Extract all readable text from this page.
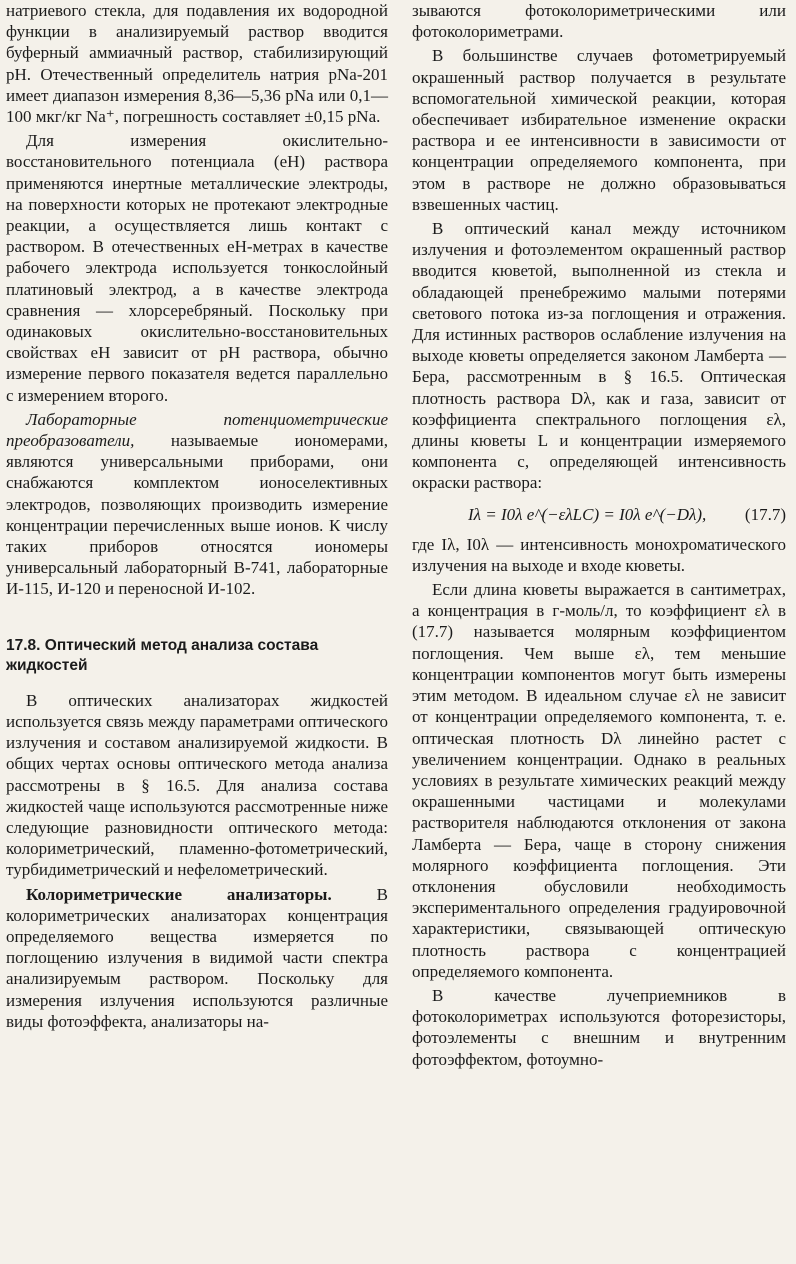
натриевого стекла, для подавления их водородной функции в анализируемый раствор вводится буферный аммиачный раствор, стабилизирующий pH. Отечественный определитель натрия pNa-201 имеет диапазон измерения 8,36—5,36 pNa или 0,1—100 мкг/кг Na⁺, погрешность составляет ±0,15 pNa.

Для измерения окислительно-восстановительного потенциала (eH) раствора применяются инертные металлические электроды, на поверхности которых не протекают электродные реакции, а осуществляется лишь контакт с раствором. В отечественных eH-метрах в качестве рабочего электрода используется тонкослойный платиновый электрод, а в качестве электрода сравнения — хлорсеребряный. Поскольку при одинаковых окислительно-восстановительных свойствах eH зависит от pH раствора, обычно измерение первого показателя ведется параллельно с измерением второго.

Лабораторные потенциометрические преобразователи, называемые иономерами, являются универсальными приборами, они снабжаются комплектом ионоселективных электродов, позволяющих производить измерение концентрации перечисленных выше ионов. К числу таких приборов относятся иономеры универсальный лабораторный В-741, лабораторные И-115, И-120 и переносной И-102.

17.8. Оптический метод анализа состава жидкостей

В оптических анализаторах жидкостей используется связь между параметрами оптического излучения и составом анализируемой жидкости. В общих чертах основы оптического метода анализа рассмотрены в § 16.5. Для анализа состава жидкостей чаще используются рассмотренные ниже следующие разновидности оптического метода: колориметрический, пламенно-фотометрический, турбидиметрический и нефелометрический.

Колориметрические анализаторы. В колориметрических анализаторах концентрация определяемого вещества измеряется по поглощению излучения в видимой части спектра анализируемым раствором. Поскольку для измерения излучения используются различные виды фотоэффекта, анализаторы на-

зываются фотоколориметрическими или фотоколориметрами.

В большинстве случаев фотометрируемый окрашенный раствор получается в результате вспомогательной химической реакции, которая обеспечивает избирательное изменение окраски раствора и ее интенсивности в зависимости от концентрации определяемого компонента, при этом в растворе не должно образовываться взвешенных частиц.

В оптический канал между источником излучения и фотоэлементом окрашенный раствор вводится кюветой, выполненной из стекла и обладающей пренебрежимо малыми потерями светового потока из-за поглощения и отражения. Для истинных растворов ослабление излучения на выходе кюветы определяется законом Ламберта — Бера, рассмотренным в § 16.5. Оптическая плотность раствора Dλ, как и газа, зависит от коэффициента спектрального поглощения ελ, длины кюветы L и концентрации измеряемого компонента c, определяющей интенсивность окраски раствора:

Iλ = I0λ e^(−ελLC) = I0λ e^(−Dλ), (17.7)

где Iλ, I0λ — интенсивность монохроматического излучения на выходе и входе кюветы.

Если длина кюветы выражается в сантиметрах, а концентрация в г-моль/л, то коэффициент ελ в (17.7) называется молярным коэффициентом поглощения. Чем выше ελ, тем меньшие концентрации компонентов могут быть измерены этим методом. В идеальном случае ελ не зависит от концентрации определяемого компонента, т. е. оптическая плотность Dλ линейно растет с увеличением концентрации. Однако в реальных условиях в результате химических реакций между окрашенными частицами и молекулами растворителя наблюдаются отклонения от закона Ламберта — Бера, чаще в сторону снижения молярного коэффициента поглощения. Эти отклонения обусловили необходимость экспериментального определения градуировочной характеристики, связывающей оптическую плотность раствора с концентрацией определяемого компонента.

В качестве лучеприемников в фотоколориметрах используются фоторезисторы, фотоэлементы с внешним и внутренним фотоэффектом, фотоумно-
